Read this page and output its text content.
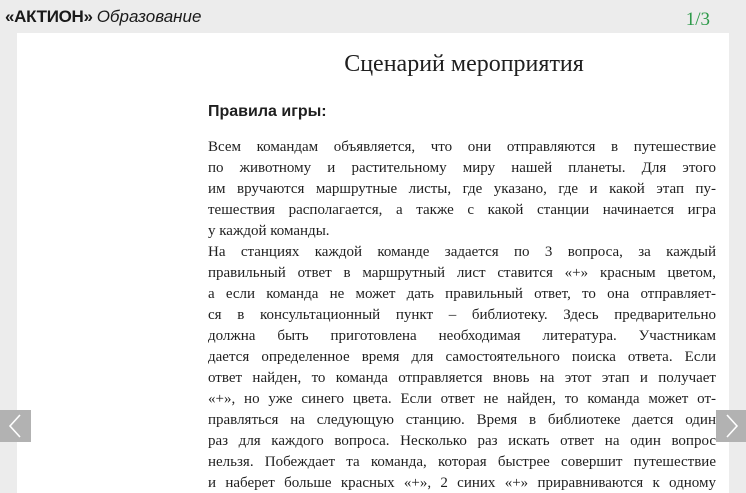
«АКТИОН» Образование	1/3
Сценарий мероприятия
Правила игры:
Всем командам объявляется, что они отправляются в путешествие
по животному и растительному миру нашей планеты. Для этого
им вручаются маршрутные листы, где указано, где и какой этап пу-
тешествия располагается, а также с какой станции начинается игра
у каждой команды.
На станциях каждой команде задается по 3 вопроса, за каждый
правильный ответ в маршрутный лист ставится «+» красным цветом,
а если команда не может дать правильный ответ, то она отправляет-
ся в консультационный пункт – библиотеку. Здесь предварительно
должна быть приготовлена необходимая литература. Участникам
дается определенное время для самостоятельного поиска ответа. Если
ответ найден, то команда отправляется вновь на этот этап и получает
«+», но уже синего цвета. Если ответ не найден, то команда может от-
правляться на следующую станцию. Время в библиотеке дается один
раз для каждого вопроса. Несколько раз искать ответ на один вопрос
нельзя. Побеждает та команда, которая быстрее совершит путешествие
и наберет больше красных «+», 2 синих «+» приравниваются к одному
